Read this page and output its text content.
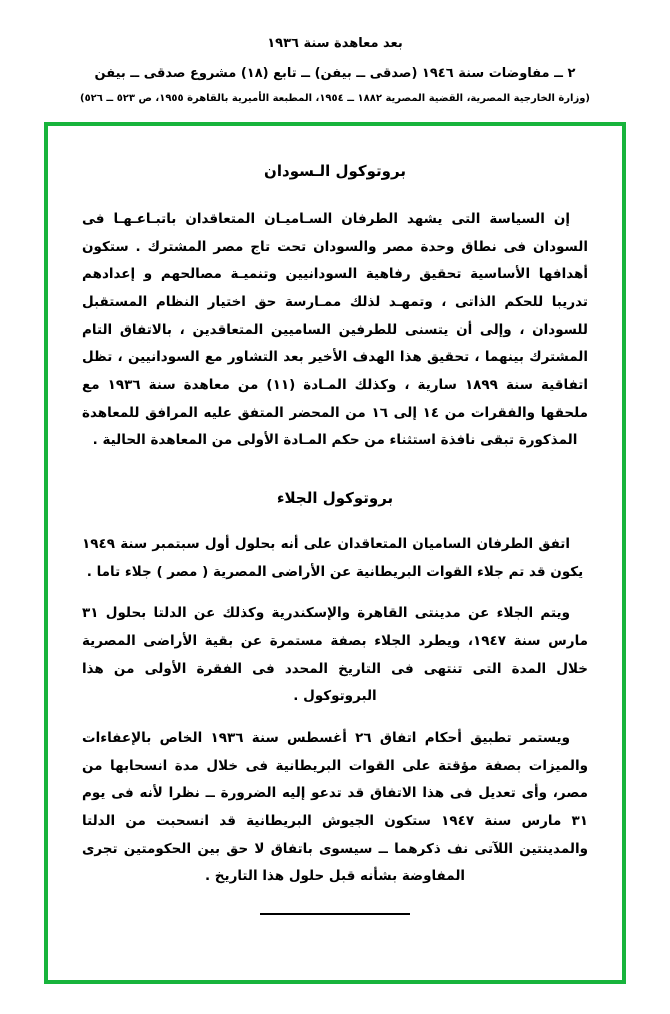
بعد معاهدة سنة ١٩٣٦
٢ ــ مفاوضات سنة ١٩٤٦ (صدقى ــ بيفن) ــ تابع (١٨) مشروع صدقى ــ بيفن
(وزارة الخارجية المصرية، القضية المصرية ١٨٨٢ ــ ١٩٥٤، المطبعة الأميرية بالقاهرة ١٩٥٥، ص ٥٢٣ ــ ٥٢٦)
بروتوكول الـسودان

إن السياسة التى يشهد الطرفان السـاميـان المتعاقدان باتبـاعـهـا فى السودان فى نطاق وحدة مصر والسودان تحت تاج مصر المشترك . ستكون أهدافها الأساسية تحقيق رفاهية السودانيين وتنميـة مصالحهم و إعدادهم تدريبا للحكم الذاتى ، وتمهـد لذلك ممـارسة حق اختيار النظام المستقبل للسودان ، وإلى أن يتسنى للطرفين الساميين المتعاقدين ، بالاتفاق التام المشترك بينهما ، تحقيق هذا الهدف الأخير بعد التشاور مع السودانيين ، تظل اتفاقية سنة ١٨٩٩ سارية ، وكذلك المـادة (١١) من معاهدة سنة ١٩٣٦ مع ملحقها والفقرات من ١٤ إلى ١٦ من المحضر المتفق عليه المرافق للمعاهدة المذكورة تبقى نافذة استثناء من حكم المـادة الأولى من المعاهدة الحالية .

بروتوكول الجلاء

اتفق الطرفان الساميان المتعاقدان على أنه بحلول أول سبتمبر سنة ١٩٤٩ يكون قد تم جلاء القوات البريطانية عن الأراضى المصرية ( مصر ) جلاء تاما .

ويتم الجلاء عن مدينتى القاهرة والإسكندرية وكذلك عن الدلتا بحلول ٣١ مارس سنة ١٩٤٧، ويطرد الجلاء بصفة مستمرة عن بقية الأراضى المصرية خلال المدة التى تنتهى فى التاريخ المحدد فى الفقرة الأولى من هذا البروتوكول .

ويستمر تطبيق أحكام اتفاق ٢٦ أغسطس سنة ١٩٣٦ الخاص بالإعفاءات والميزات بصفة مؤقتة على القوات البريطانية فى خلال مدة انسحابها من مصر، وأى تعديل فى هذا الاتفاق قد تدعو إليه الضرورة ــ نظرا لأنه فى يوم ٣١ مارس سنة ١٩٤٧ ستكون الجيوش البريطانية قد انسحبت من الدلتا والمدينتين اللآتى نف ذكرهما ــ سيسوى باتفاق لا حق بين الحكومتين تجرى المفاوضة بشأنه قبل حلول هذا التاريخ .
